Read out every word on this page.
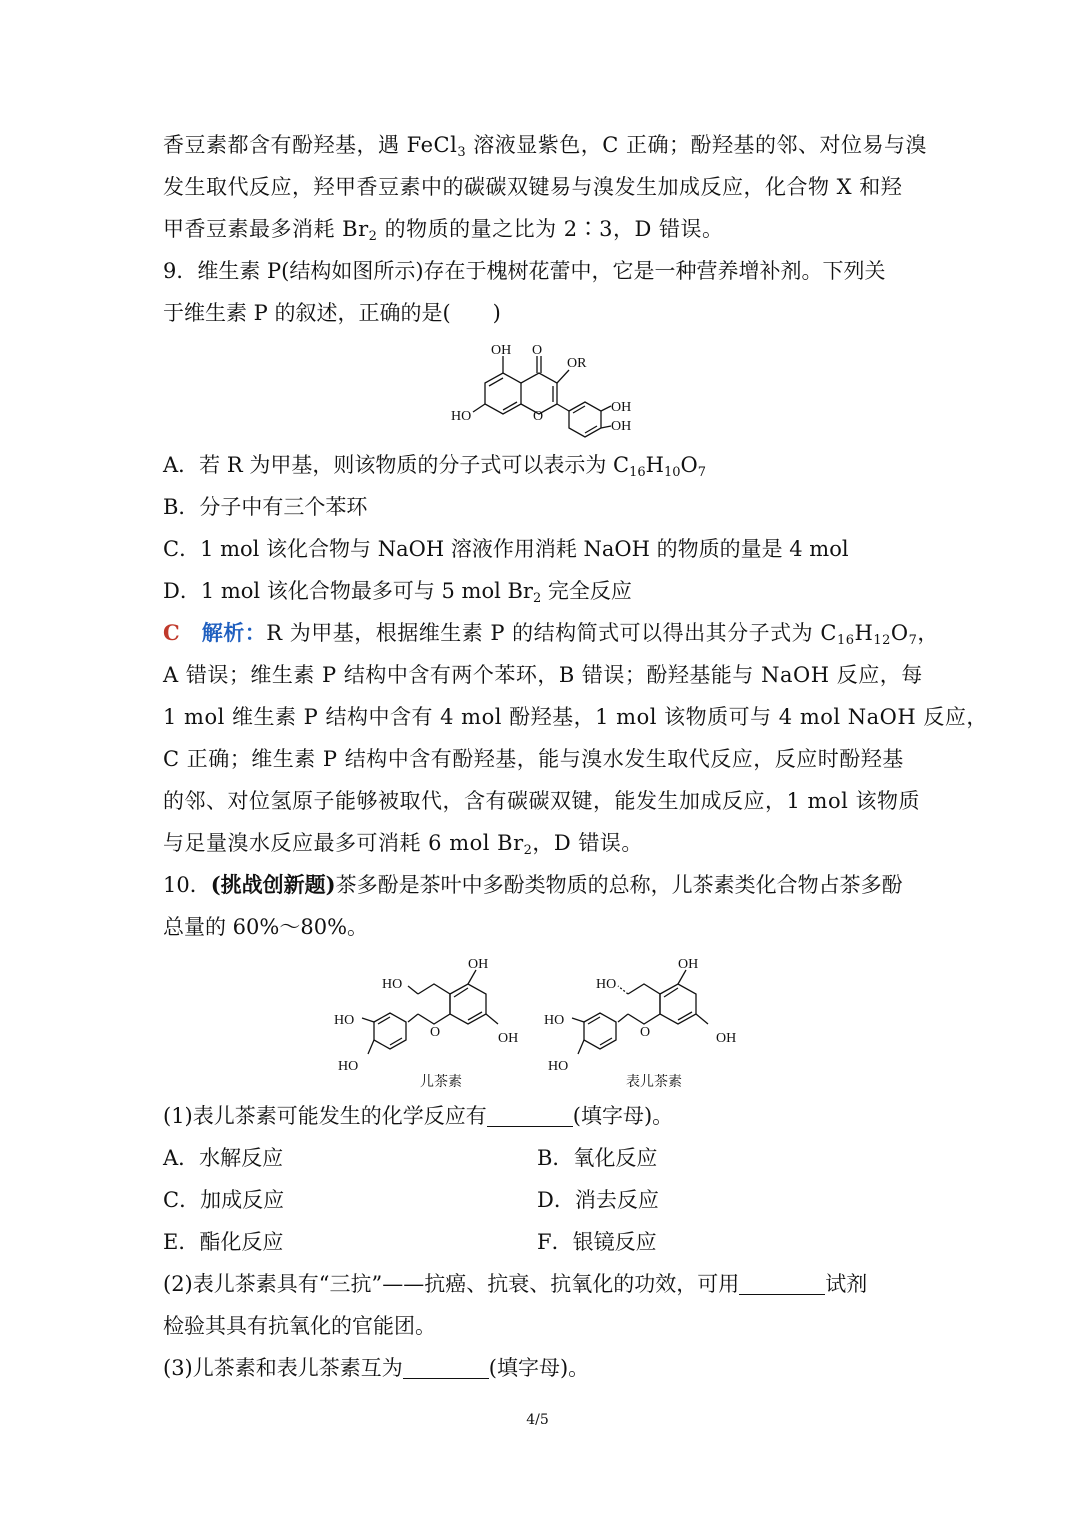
香豆素都含有酚羟基，遇 FeCl$_3$ 溶液显紫色，C 正确；酚羟基的邻、对位易与溴
发生取代反应，羟甲香豆素中的碳碳双键易与溴发生加成反应，化合物 X 和羟
甲香豆素最多消耗 $Br_2$ 的物质的量之比为 2∶3，D 错误。
9．维生素 P(结构如图所示)存在于槐树花蕾中，它是一种营养增补剂。下列关
于维生素 P 的叙述，正确的是(　　)
OH O
OR
HO	O
OH
OH
A．若 R 为甲基，则该物质的分子式可以表示为 $C_{16}H_{10}O_7$
B．分子中有三个苯环
C．1 mol 该化合物与 NaOH 溶液作用消耗 NaOH 的物质的量是 4 mol
D．1 mol 该化合物最多可与 5 mol $Br_2$ 完全反应
C　 解析：R 为甲基，根据维生素 P 的结构简式可以得出其分子式为 $C_{16}H_{12}O_7$，
A 错误；维生素 P 结构中含有两个苯环，B 错误；酚羟基能与 NaOH 反应，每
1 mol 维生素 P 结构中含有 4 mol 酚羟基，1 mol 该物质可与 4 mol NaOH 反应，
C 正确；维生素 P 结构中含有酚羟基，能与溴水发生取代反应，反应时酚羟基
的邻、对位氢原子能够被取代，含有碳碳双键，能发生加成反应，1 mol 该物质
与足量溴水反应最多可消耗 6 mol $Br_2$，D 错误。
10．(挑战创新题)茶多酚是茶叶中多酚类物质的总称，儿茶素类化合物占茶多酚
总量的 60%～80%。
HO
OH
HO
O	OH
HO
儿茶素
HO
OH
HO
O	OH
HO
表儿茶素
(1)表儿茶素可能发生的化学反应有	(填字母)。
A．水解反应	B．氧化反应
C．加成反应	D．消去反应
E．酯化反应	F．银镜反应
(2)表儿茶素具有“三抗”——抗癌、抗衰、抗氧化的功效，可用	试剂
检验其具有抗氧化的官能团。
(3)儿茶素和表儿茶素互为	(填字母)。
4/5
